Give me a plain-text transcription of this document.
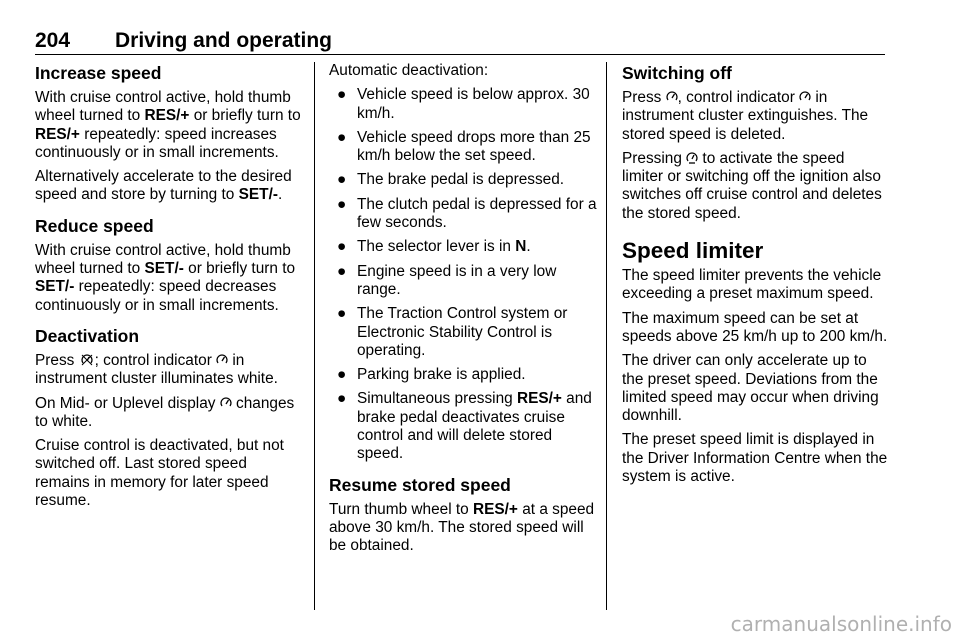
204 Driving and operating
Increase speed

With cruise control active, hold thumb wheel turned to RES/+ or briefly turn to RES/+ repeatedly: speed increases continuously or in small increments.

Alternatively accelerate to the desired speed and store by turning to SET/-.

Reduce speed

With cruise control active, hold thumb wheel turned to SET/- or briefly turn to SET/- repeatedly: speed decreases continuously or in small increments.

Deactivation

Press ; control indicator  in instrument cluster illuminates white.

On Mid- or Uplevel display  changes to white.

Cruise control is deactivated, but not switched off. Last stored speed remains in memory for later speed resume.

Automatic deactivation:

● Vehicle speed is below approx. 30 km/h.
● Vehicle speed drops more than 25 km/h below the set speed.
● The brake pedal is depressed.
● The clutch pedal is depressed for a few seconds.
● The selector lever is in N.
● Engine speed is in a very low range.
● The Traction Control system or Electronic Stability Control is operating.
● Parking brake is applied.
● Simultaneous pressing RES/+ and brake pedal deactivates cruise control and will delete stored speed.
Resume stored speed

Turn thumb wheel to RES/+ at a speed above 30 km/h. The stored speed will be obtained.

Switching off

Press , control indicator  in instrument cluster extinguishes. The stored speed is deleted.

Pressing  to activate the speed limiter or switching off the ignition also switches off cruise control and deletes the stored speed.

Speed limiter

The speed limiter prevents the vehicle exceeding a preset maximum speed.

The maximum speed can be set at speeds above 25 km/h up to 200 km/h.

The driver can only accelerate up to the preset speed. Deviations from the limited speed may occur when driving downhill.

The preset speed limit is displayed in the Driver Information Centre when the system is active.

carmanualsonline.info
